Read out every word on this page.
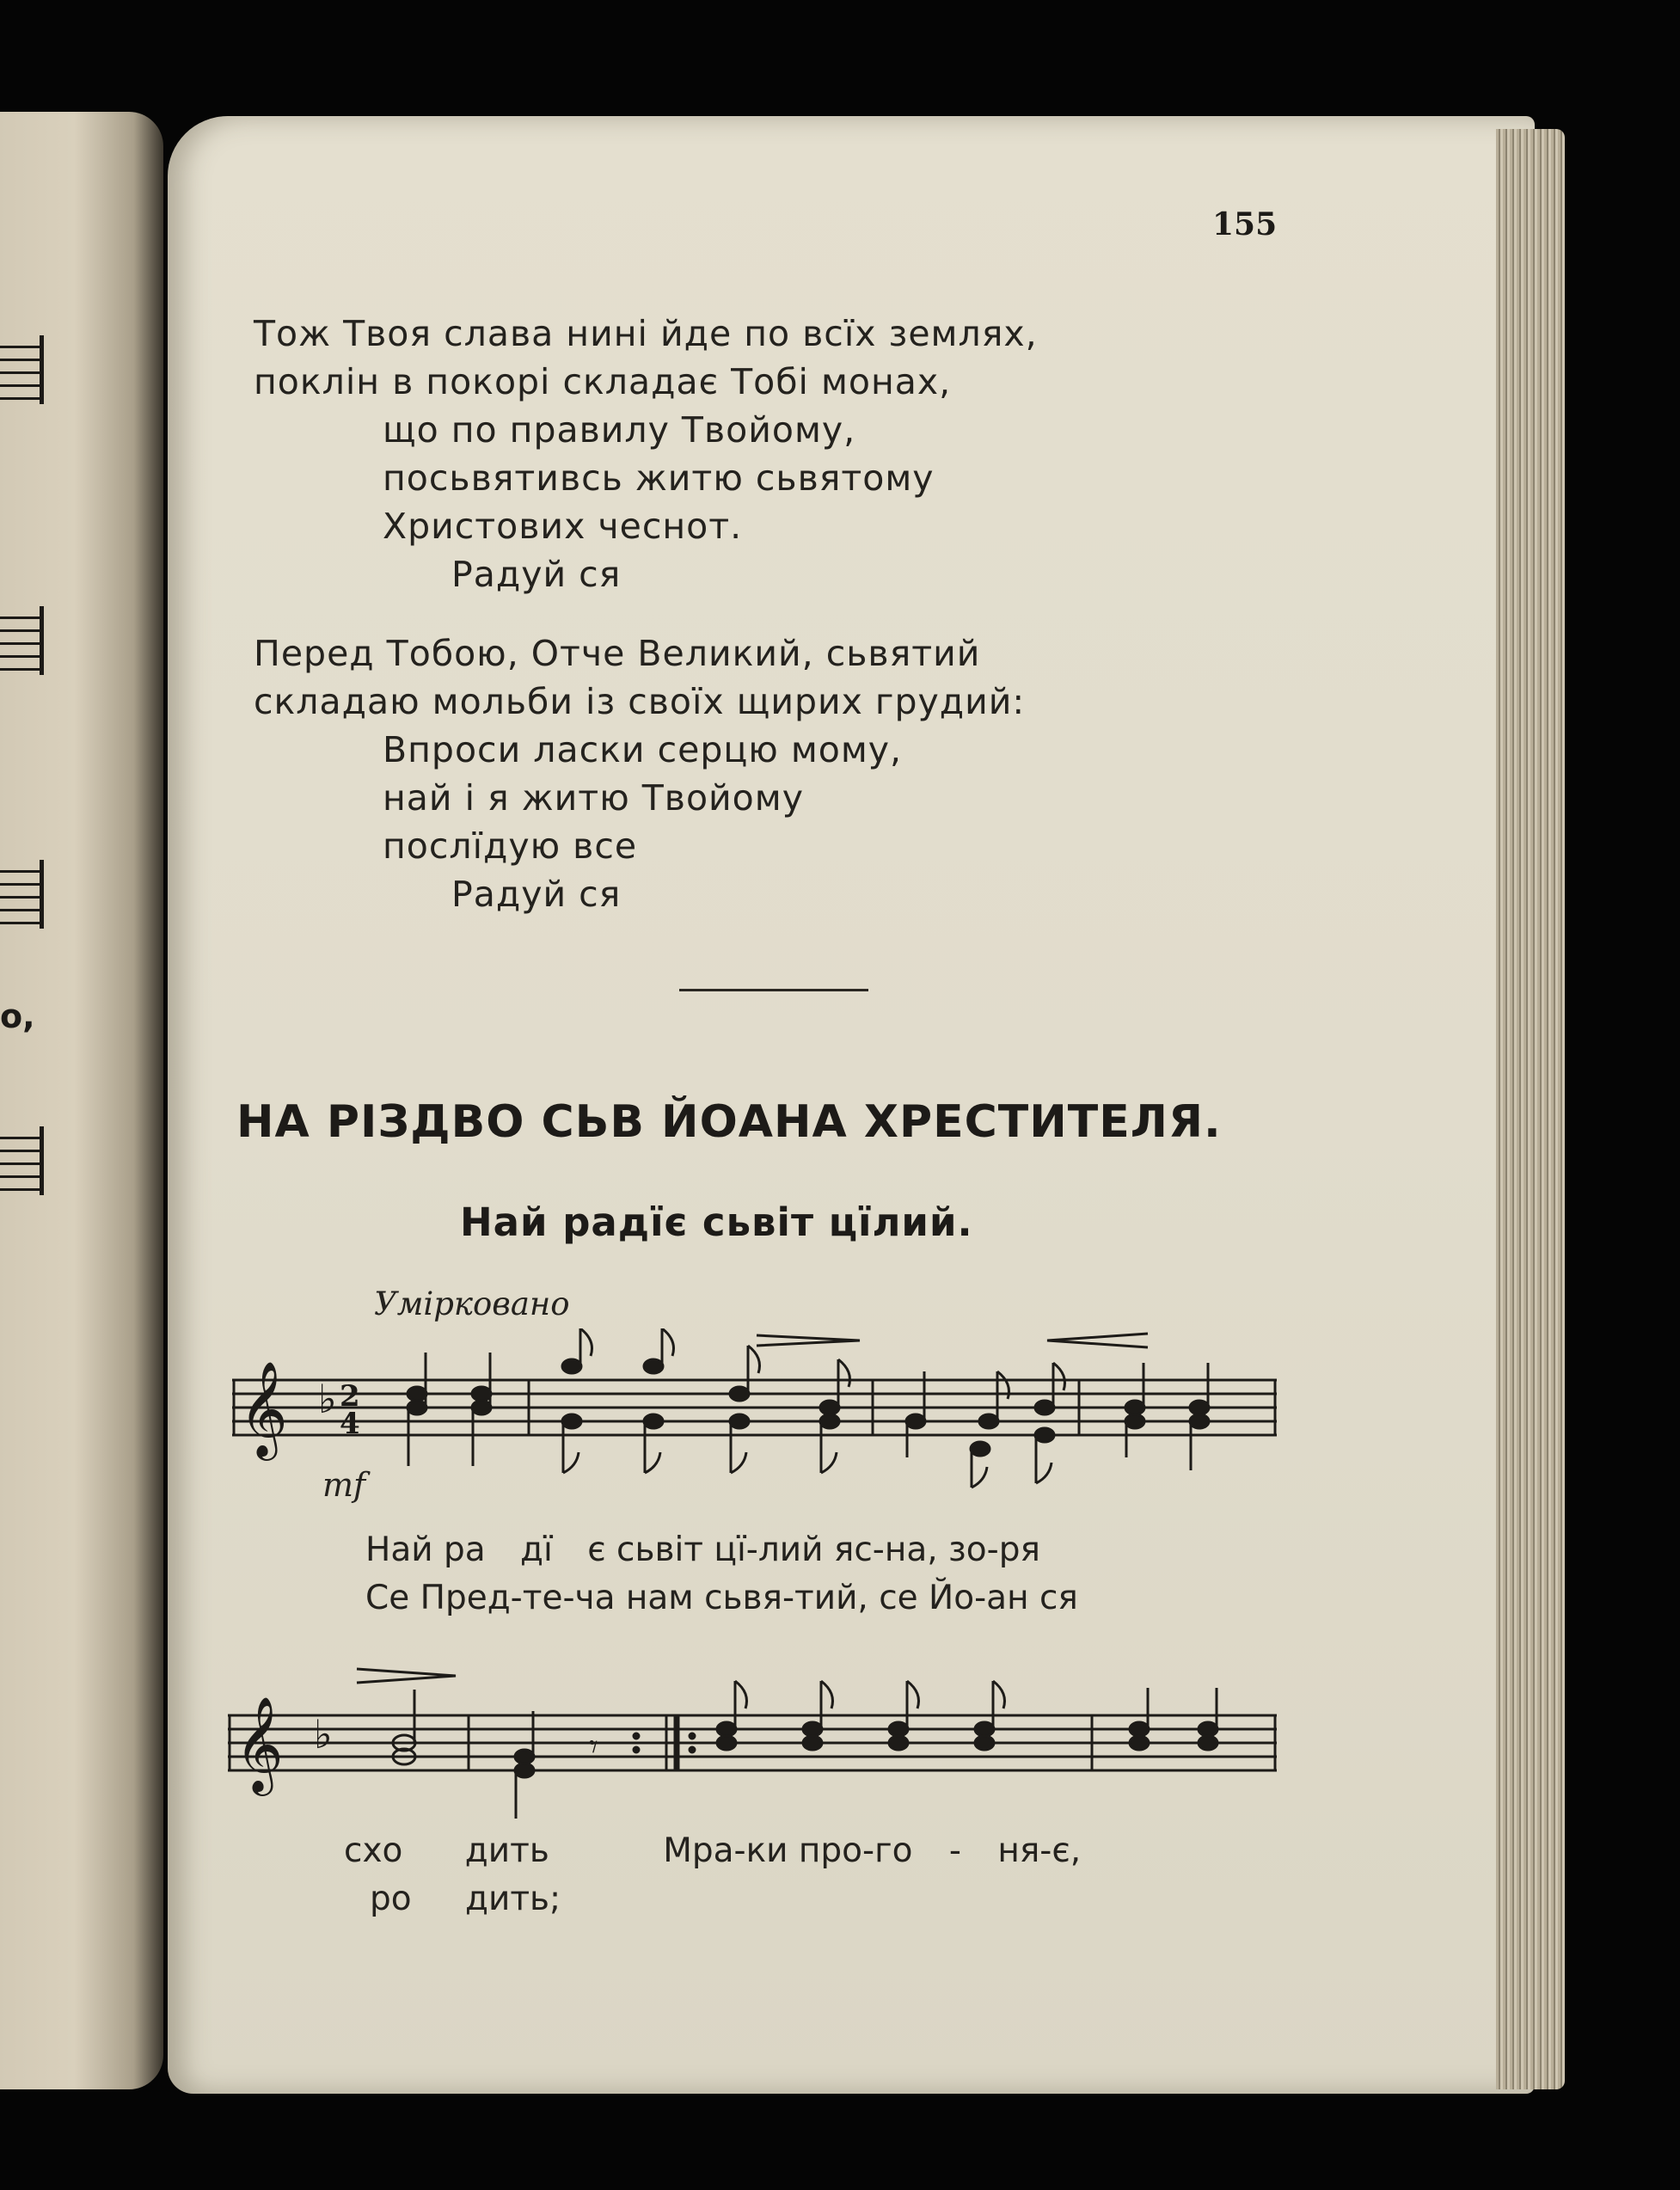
о,
155
Тож Твоя слава нині йде по всїх землях,
поклін в покорі складає Тобі монах,
що по правилу Твойому,
посьвятивсь житю сьвятому
Христових чеснот.
Радуй ся
Перед Тобою, Отче Великий, сьвятий
складаю мольби із своїх щирих грудий:
Впроси ласки серцю мому,
най і я житю Твойому
послїдую все
Радуй ся
НА РІЗДВО СЬВ ЙОАНА ХРЕСТИТЕЛЯ.
Най радїє сьвіт цїлий.
Умірковано
𝄞 ♭ 2
4
mf
Най ра дї є сьвіт цї-лий яс-на, зо-ря
Се Пред-те-ча нам сьвя-тий, се Йо-ан ся
𝄞 ♭	𝄾
схо дить	Мра-ки про-го - ня-є,
ро дить;
